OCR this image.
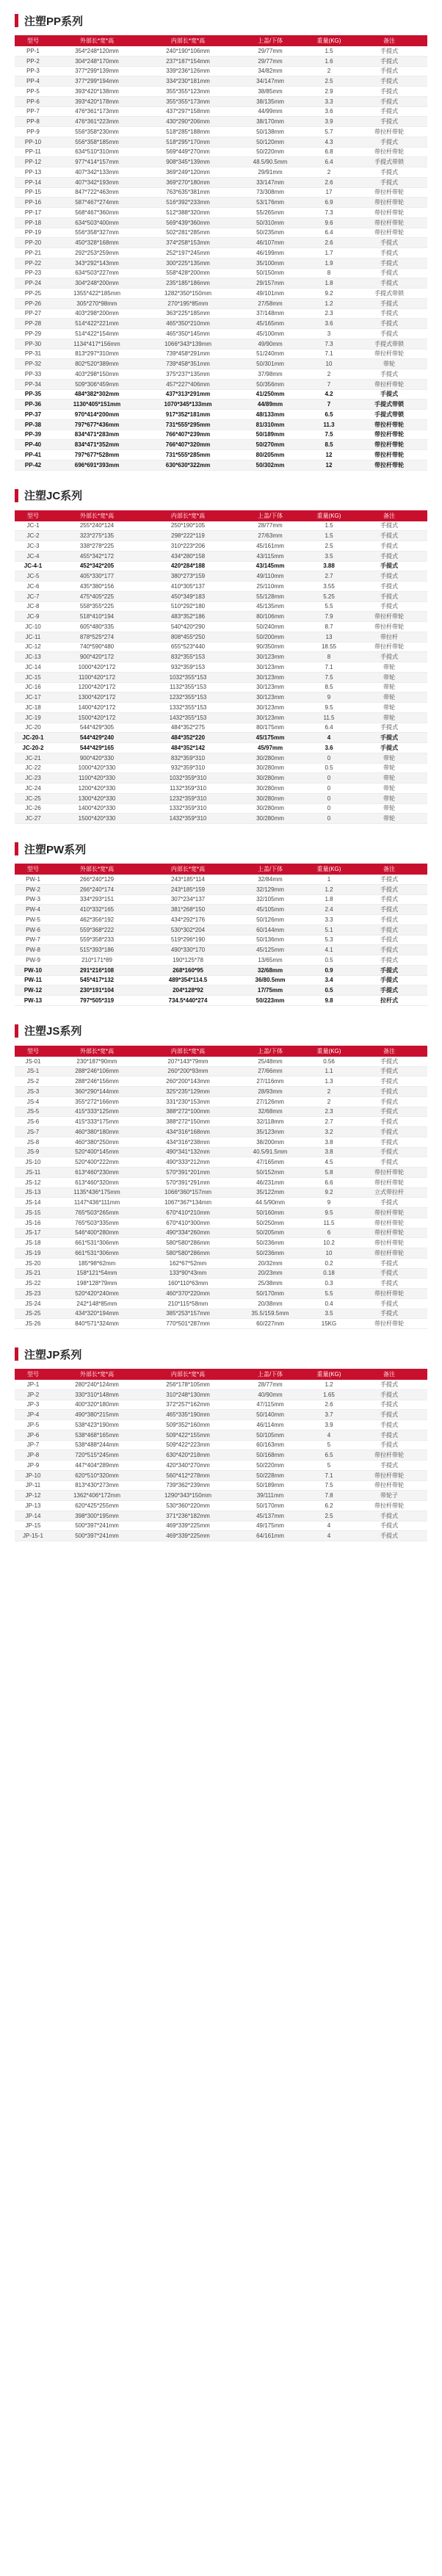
注塑PP系列
型号	外部长*宽*高	内部长*宽*高	上盖/下体	重量(KG)	备注
PP-1	354*248*120mm	240*190*106mm	29/77mm	1.5	手提式
PP-2	304*248*170mm	237*187*154mm	29/77mm	1.6	手提式
PP-3	377*299*139mm	339*236*126mm	34/82mm	2	手提式
PP-4	377*299*194mm	334*230*181mm	34/147mm	2.5	手提式
PP-5	393*420*138mm	355*355*123mm	38/85mm	2.9	手提式
PP-6	393*420*178mm	355*355*173mm	38/135mm	3.3	手提式
PP-7	476*361*173mm	437*297*158mm	44/99mm	3.6	手提式
PP-8	476*361*223mm	430*290*206mm	38/170mm	3.9	手提式
PP-9	556*358*230mm	518*285*188mm	50/138mm	5.7	带拉杆带轮
PP-10	556*358*185mm	518*295*170mm	50/120mm	4.3	手提式
PP-11	634*510*310mm	569*449*270mm	50/220mm	6.8	带拉杆带轮
PP-12	977*414*157mm	908*345*139mm	48.5/90.5mm	6.4	手提式带锁
PP-13	407*342*133mm	369*249*120mm	29/91mm	2	手提式
PP-14	407*342*193mm	369*270*180mm	33/147mm	2.6	手提式
PP-15	847*722*463mm	763*635*381mm	73/308mm	17	带拉杆带轮
PP-16	587*467*274mm	516*392*233mm	53/176mm	6.9	带拉杆带轮
PP-17	568*467*360mm	512*388*320mm	55/265mm	7.3	带拉杆带轮
PP-18	634*503*400mm	569*439*360mm	50/310mm	9.6	带拉杆带轮
PP-19	556*358*327mm	502*281*285mm	50/235mm	6.4	带拉杆带轮
PP-20	450*328*168mm	374*258*153mm	46/107mm	2.6	手提式
PP-21	292*253*259mm	252*197*245mm	46/199mm	1.7	手提式
PP-22	343*292*143mm	300*225*135mm	35/100mm	1.9	手提式
PP-23	634*503*227mm	558*428*200mm	50/150mm	8	手提式
PP-24	304*248*200mm	235*185*186mm	29/157mm	1.8	手提式
PP-25	1355*422*185mm	1282*350*150mm	49/101mm	9.2	手提式带锁
PP-26	305*270*98mm	270*195*85mm	27/58mm	1.2	手提式
PP-27	403*298*200mm	363*225*185mm	37/148mm	2.3	手提式
PP-28	514*422*221mm	465*350*210mm	45/165mm	3.6	手提式
PP-29	514*422*154mm	465*350*145mm	45/100mm	3	手提式
PP-30	1134*417*156mm	1066*343*139mm	49/90mm	7.3	手提式带锁
PP-31	813*297*310mm	739*458*291mm	51/240mm	7.1	带拉杆带轮
PP-32	802*520*389mm	739*458*351mm	50/301mm	10	带轮
PP-33	403*298*150mm	375*237*135mm	37/98mm	2	手提式
PP-34	509*306*459mm	457*227*406mm	50/356mm	7	带拉杆带轮
PP-35	484*382*302mm	437*313*291mm	41/250mm	4.2	手提式
PP-36	1130*405*151mm	1070*345*133mm	44/89mm	7	手提式带锁
PP-37	970*414*200mm	917*352*181mm	48/133mm	6.5	手提式带锁
PP-38	797*677*436mm	731*555*295mm	81/310mm	11.3	带拉杆带轮
PP-39	834*471*283mm	766*407*239mm	50/189mm	7.5	带拉杆带轮
PP-40	834*471*352mm	766*407*320mm	50/270mm	8.5	带拉杆带轮
PP-41	797*677*528mm	731*555*285mm	80/205mm	12	带拉杆带轮
PP-42	696*691*393mm	630*630*322mm	50/302mm	12	带拉杆带轮
注塑JC系列
型号	外部长*宽*高	内部长*宽*高	上盖/下体	重量(KG)	备注
JC-1	255*240*124	250*190*105	28/77mm	1.5	手提式
JC-2	323*275*135	298*222*119	27/63mm	1.5	手提式
JC-3	338*278*225	310*223*206	45/161mm	2.5	手提式
JC-4	455*342*172	434*280*158	43/115mm	3.5	手提式
JC-4-1	452*342*205	420*284*188	43/145mm	3.88	手提式
JC-5	405*330*177	380*273*159	49/110mm	2.7	手提式
JC-6	435*380*156	410*305*137	25/110mm	3.55	手提式
JC-7	475*405*225	450*349*183	55/128mm	5.25	手提式
JC-8	558*355*225	510*292*180	45/135mm	5.5	手提式
JC-9	518*410*194	483*352*186	80/106mm	7.9	带拉杆带轮
JC-10	605*480*335	540*420*290	50/240mm	8.7	带拉杆带轮
JC-11	878*525*274	808*455*250	50/200mm	13	带拉杆
JC-12	740*590*480	655*523*440	90/350mm	18.55	带拉杆带轮
JC-13	900*420*172	832*355*153	30/123mm	8	手提式
JC-14	1000*420*172	932*359*153	30/123mm	7.1	带轮
JC-15	1100*420*172	1032*355*153	30/123mm	7.5	带轮
JC-16	1200*420*172	1132*355*153	30/123mm	8.5	带轮
JC-17	1300*420*172	1232*355*153	30/123mm	9	带轮
JC-18	1400*420*172	1332*355*153	30/123mm	9.5	带轮
JC-19	1500*420*172	1432*355*153	30/123mm	11.5	带轮
JC-20	544*429*305	484*352*275	80/175mm	6.4	手提式
JC-20-1	544*429*240	484*352*220	45/175mm	4	手提式
JC-20-2	544*429*165	484*352*142	45/97mm	3.6	手提式
JC-21	900*420*330	832*359*310	30/280mm	0	带轮
JC-22	1000*420*330	932*359*310	30/280mm	0.5	带轮
JC-23	1100*420*330	1032*359*310	30/280mm	0	带轮
JC-24	1200*420*330	1132*359*310	30/280mm	0	带轮
JC-25	1300*420*330	1232*359*310	30/280mm	0	带轮
JC-26	1400*420*330	1332*359*310	30/280mm	0	带轮
JC-27	1500*420*330	1432*359*310	30/280mm	0	带轮
注塑PW系列
型号	外部长*宽*高	内部长*宽*高	上盖/下体	重量(KG)	备注
PW-1	266*240*129	243*185*114	32/84mm	1	手提式
PW-2	266*240*174	243*185*159	32/129mm	1.2	手提式
PW-3	334*293*151	307*234*137	32/105mm	1.8	手提式
PW-4	410*332*165	381*268*150	45/105mm	2.4	手提式
PW-5	462*356*192	434*292*176	50/126mm	3.3	手提式
PW-6	559*368*222	530*302*204	60/144mm	5.1	手提式
PW-7	559*358*233	519*296*190	50/136mm	5.3	手提式
PW-8	515*393*186	490*330*170	45/125mm	4.1	手提式
PW-9	210*171*89	190*125*78	13/65mm	0.5	手提式
PW-10	291*216*108	268*160*95	32/68mm	0.9	手提式
PW-11	545*417*132	489*354*114.5	36/80.5mm	3.4	手提式
PW-12	230*191*104	204*128*92	17/75mm	0.5	手提式
PW-13	797*505*319	734.5*440*274	50/223mm	9.8	拉杆式
注塑JS系列
型号	外部长*宽*高	内部长*宽*高	上盖/下体	重量(KG)	备注
JS-01	230*187*90mm	207*143*79mm	25/48mm	0.56	手提式
JS-1	288*246*106mm	260*200*93mm	27/66mm	1.1	手提式
JS-2	288*246*156mm	260*200*143mm	27/116mm	1.3	手提式
JS-3	360*290*144mm	325*235*129mm	28/93mm	2	手提式
JS-4	355*272*166mm	331*230*153mm	27/126mm	2	手提式
JS-5	415*333*125mm	388*272*100mm	32/68mm	2.3	手提式
JS-6	415*333*175mm	388*272*150mm	32/118mm	2.7	手提式
JS-7	460*380*180mm	434*316*168mm	35/123mm	3.2	手提式
JS-8	460*380*250mm	434*316*238mm	38/200mm	3.8	手提式
JS-9	520*400*145mm	490*341*132mm	40.5/91.5mm	3.8	手提式
JS-10	520*400*222mm	490*333*212mm	47/165mm	4.5	手提式
JS-11	613*460*230mm	570*391*201mm	50/152mm	5.8	带拉杆带轮
JS-12	613*460*320mm	570*391*291mm	46/231mm	6.6	带拉杆带轮
JS-13	1135*436*175mm	1066*360*157mm	35/122mm	9.2	立式带拉杆
JS-14	1147*436*111mm	1067*367*134mm	44.5/90mm	9	手提式
JS-15	765*503*265mm	670*410*210mm	50/160mm	9.5	带拉杆带轮
JS-16	765*503*335mm	670*410*300mm	50/250mm	11.5	带拉杆带轮
JS-17	546*400*280mm	490*334*260mm	50/205mm	6	带拉杆带轮
JS-18	661*531*306mm	580*580*286mm	50/236mm	10.2	带拉杆带轮
JS-19	661*531*306mm	580*580*286mm	50/236mm	10	带拉杆带轮
JS-20	185*98*62mm	162*67*52mm	20/32mm	0.2	手提式
JS-21	158*121*54mm	133*90*43mm	20/23mm	0.18	手提式
JS-22	198*128*79mm	160*110*63mm	25/38mm	0.3	手提式
JS-23	520*420*240mm	460*370*220mm	50/170mm	5.5	带拉杆带轮
JS-24	242*148*85mm	210*115*58mm	20/38mm	0.4	手提式
JS-25	434*320*194mm	385*253*157mm	35.5/159.5mm	3.5	手提式
JS-26	840*571*324mm	770*501*287mm	60/227mm	15KG	带拉杆带轮
注塑JP系列
型号	外部长*宽*高	内部长*宽*高	上盖/下体	重量(KG)	备注
JP-1	280*240*124mm	256*178*105mm	28/77mm	1.2	手提式
JP-2	330*310*148mm	310*248*130mm	40/90mm	1.65	手提式
JP-3	400*320*180mm	372*257*162mm	47/115mm	2.6	手提式
JP-4	490*380*215mm	465*335*190mm	50/140mm	3.7	手提式
JP-5	538*423*190mm	509*352*160mm	46/114mm	3.9	手提式
JP-6	538*468*165mm	509*422*155mm	50/105mm	4	手提式
JP-7	538*488*244mm	509*422*223mm	60/163mm	5	手提式
JP-8	720*515*245mm	630*420*218mm	50/168mm	6.5	带拉杆带轮
JP-9	447*404*289mm	420*340*270mm	50/220mm	5	手提式
JP-10	620*510*320mm	560*412*278mm	50/228mm	7.1	带拉杆带轮
JP-11	813*430*273mm	739*362*239mm	50/189mm	7.5	带拉杆带轮
JP-12	1362*406*172mm	1290*343*150mm	39/111mm	7.8	带轮子
JP-13	620*425*255mm	530*360*220mm	50/170mm	6.2	带拉杆带轮
JP-14	398*300*195mm	371*236*182mm	45/137mm	2.5	手提式
JP-15	500*397*241mm	469*339*225mm	49/175mm	4	手提式
JP-15-1	500*397*241mm	469*339*225mm	64/161mm	4	手提式
